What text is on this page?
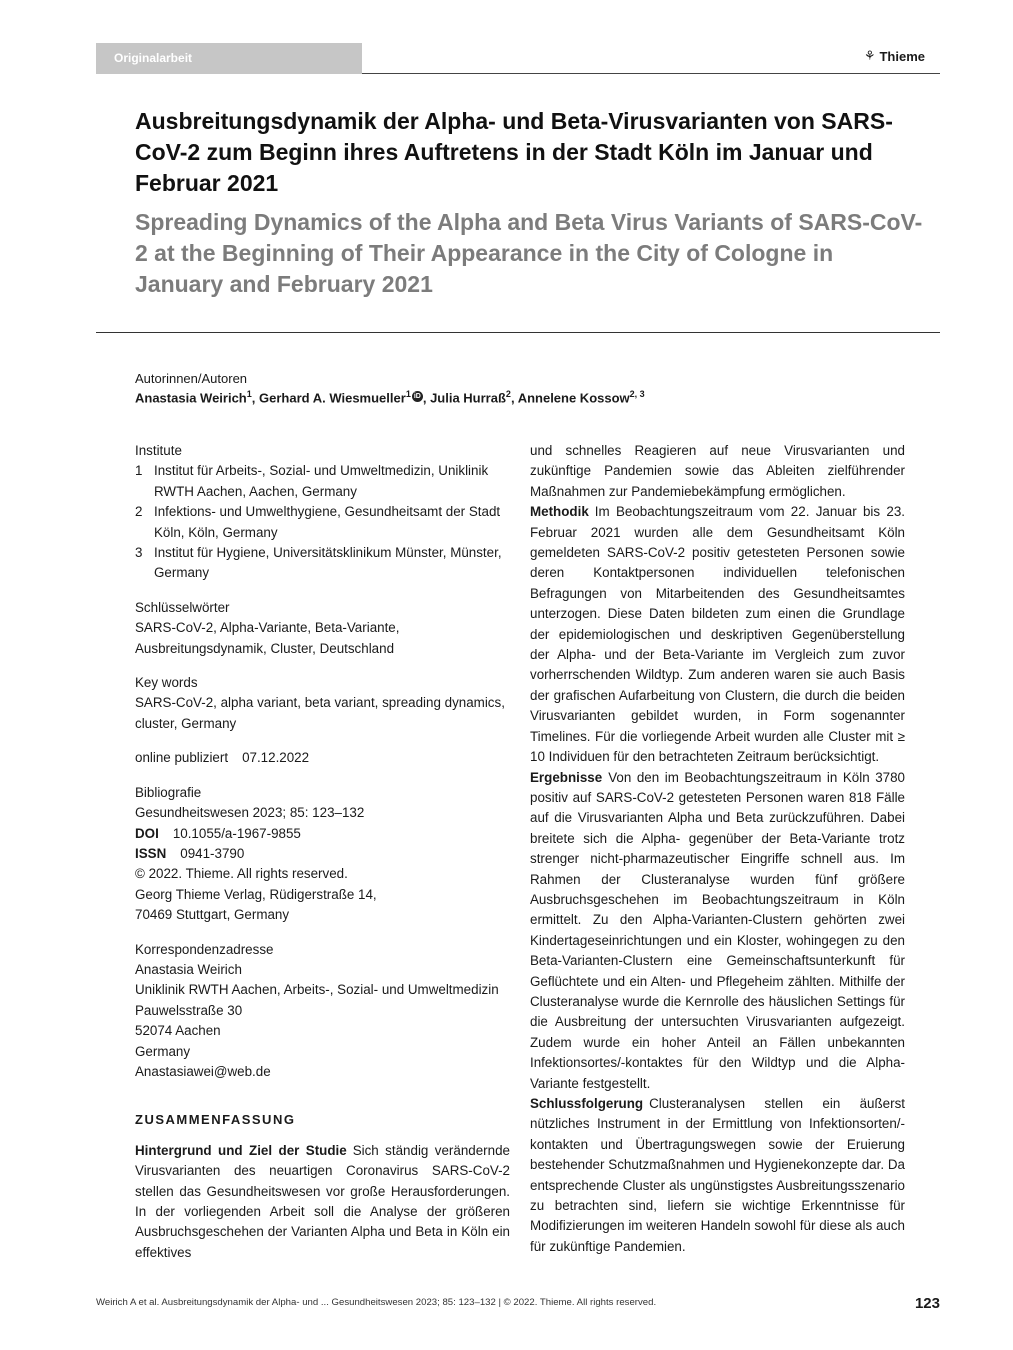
Originalarbeit	⚘ Thieme
Ausbreitungsdynamik der Alpha- und Beta-Virusvarianten von SARS-CoV-2 zum Beginn ihres Auftretens in der Stadt Köln im Januar und Februar 2021
Spreading Dynamics of the Alpha and Beta Virus Variants of SARS-CoV-2 at the Beginning of Their Appearance in the City of Cologne in January and February 2021
Autorinnen/Autoren
Anastasia Weirich$^1$, Gerhard A. Wiesmueller$^1$ iD , Julia Hurraß$^2$, Annelene Kossow$^{2, 3}$

Institute

1 Institut für Arbeits-, Sozial- und Umweltmedizin, Uniklinik RWTH Aachen, Aachen, Germany
2 Infektions- und Umwelthygiene, Gesundheitsamt der Stadt Köln, Köln, Germany
3 Institut für Hygiene, Universitätsklinikum Münster, Münster, Germany

Schlüsselwörter

SARS-CoV-2, Alpha-Variante, Beta-Variante, Ausbreitungsdynamik, Cluster, Deutschland

Key words

SARS-CoV-2, alpha variant, beta variant, spreading dynamics, cluster, Germany

online publiziert 07.12.2022

Bibliografie

Gesundheitswesen 2023; 85: 123–132

DOI 10.1055/a-1967-9855

ISSN 0941-3790

© 2022. Thieme. All rights reserved.

Georg Thieme Verlag, Rüdigerstraße 14,

70469 Stuttgart, Germany

Korrespondenzadresse

Anastasia Weirich

Uniklinik RWTH Aachen, Arbeits-, Sozial- und Umweltmedizin

Pauwelsstraße 30

52074 Aachen

Germany

Anastasiawei@web.de

ZUSAMMENFASSUNG

Hintergrund und Ziel der Studie Sich ständig verändernde Virusvarianten des neuartigen Coronavirus SARS-CoV-2 stellen das Gesundheitswesen vor große Herausforderungen. In der vorliegenden Arbeit soll die Analyse der größeren Ausbruchsgeschehen der Varianten Alpha und Beta in Köln ein effektives

und schnelles Reagieren auf neue Virusvarianten und zukünftige Pandemien sowie das Ableiten zielführender Maßnahmen zur Pandemiebekämpfung ermöglichen.

Methodik Im Beobachtungszeitraum vom 22. Januar bis 23. Februar 2021 wurden alle dem Gesundheitsamt Köln gemeldeten SARS-CoV-2 positiv getesteten Personen sowie deren Kontaktpersonen individuellen telefonischen Befragungen von Mitarbeitenden des Gesundheitsamtes unterzogen. Diese Daten bildeten zum einen die Grundlage der epidemiologischen und deskriptiven Gegenüberstellung der Alpha- und der Beta-Variante im Vergleich zum zuvor vorherrschenden Wildtyp. Zum anderen waren sie auch Basis der grafischen Aufarbeitung von Clustern, die durch die beiden Virusvarianten gebildet wurden, in Form sogenannter Timelines. Für die vorliegende Arbeit wurden alle Cluster mit ≥ 10 Individuen für den betrachteten Zeitraum berücksichtigt.

Ergebnisse Von den im Beobachtungszeitraum in Köln 3780 positiv auf SARS-CoV-2 getesteten Personen waren 818 Fälle auf die Virusvarianten Alpha und Beta zurückzuführen. Dabei breitete sich die Alpha- gegenüber der Beta-Variante trotz strenger nicht-pharmazeutischer Eingriffe schnell aus. Im Rahmen der Clusteranalyse wurden fünf größere Ausbruchsgeschehen im Beobachtungszeitraum in Köln ermittelt. Zu den Alpha-Varianten-Clustern gehörten zwei Kindertageseinrichtungen und ein Kloster, wohingegen zu den Beta-Varianten-Clustern eine Gemeinschaftsunterkunft für Geflüchtete und ein Alten- und Pflegeheim zählten. Mithilfe der Clusteranalyse wurde die Kernrolle des häuslichen Settings für die Ausbreitung der untersuchten Virusvarianten aufgezeigt. Zudem wurde ein hoher Anteil an Fällen unbekannten Infektionsortes/-kontaktes für den Wildtyp und die Alpha-Variante festgestellt.

Schlussfolgerung Clusteranalysen stellen ein äußerst nützliches Instrument in der Ermittlung von Infektionsorten/-kontakten und Übertragungswegen sowie der Eruierung bestehender Schutzmaßnahmen und Hygienekonzepte dar. Da entsprechende Cluster als ungünstigstes Ausbreitungsszenario zu betrachten sind, liefern sie wichtige Erkenntnisse für Modifizierungen im weiteren Handeln sowohl für diese als auch für zukünftige Pandemien.

Weirich A et al. Ausbreitungsdynamik der Alpha- und ... Gesundheitswesen 2023; 85: 123–132 | © 2022. Thieme. All rights reserved.	123
